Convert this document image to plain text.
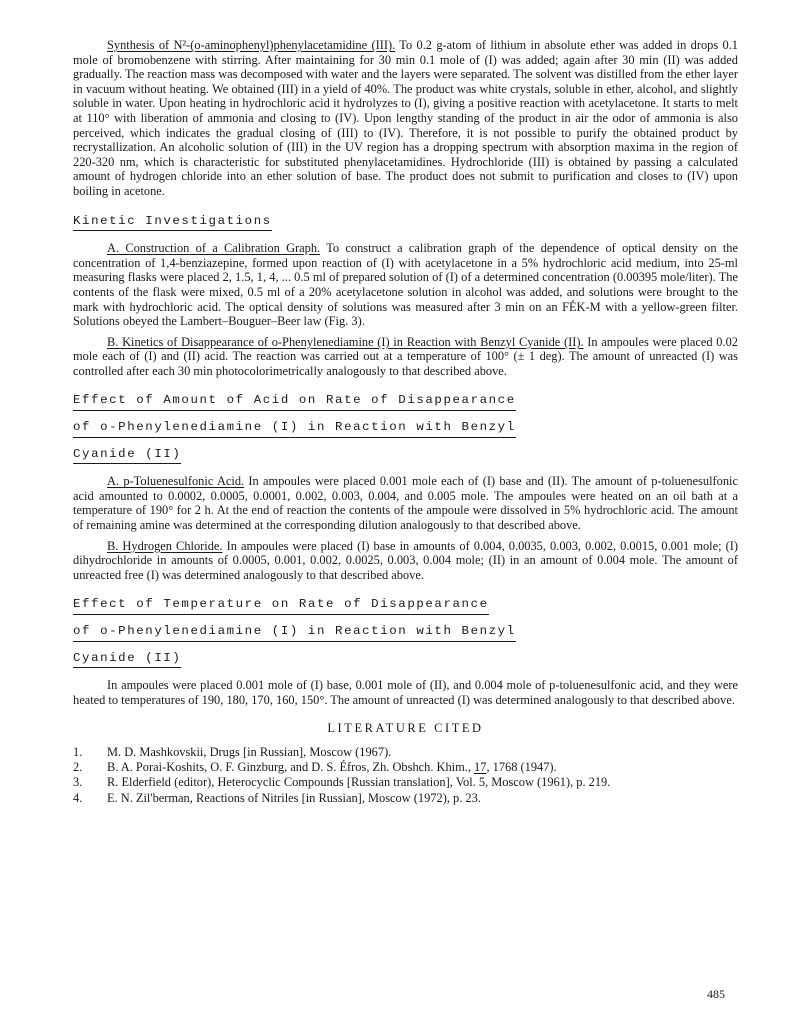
Synthesis of N²-(o-aminophenyl)phenylacetamidine (III). To 0.2 g-atom of lithium in absolute ether was added in drops 0.1 mole of bromobenzene with stirring. After maintaining for 30 min 0.1 mole of (I) was added; again after 30 min (II) was added gradually. The reaction mass was decomposed with water and the layers were separated. The solvent was distilled from the ether layer in vacuum without heating. We obtained (III) in a yield of 40%. The product was white crystals, soluble in ether, alcohol, and slightly soluble in water. Upon heating in hydrochloric acid it hydrolyzes to (I), giving a positive reaction with acetylacetone. It starts to melt at 110° with liberation of ammonia and closing to (IV). Upon lengthy standing of the product in air the odor of ammonia is also perceived, which indicates the gradual closing of (III) to (IV). Therefore, it is not possible to purify the obtained product by recrystallization. An alcoholic solution of (III) in the UV region has a dropping spectrum with absorption maxima in the region of 220-320 nm, which is characteristic for substituted phenylacetamidines. Hydrochloride (III) is obtained by passing a calculated amount of hydrogen chloride into an ether solution of base. The product does not submit to purification and closes to (IV) upon boiling in acetone.

Kinetic Investigations

A. Construction of a Calibration Graph. To construct a calibration graph of the dependence of optical density on the concentration of 1,4-benziazepine, formed upon reaction of (I) with acetylacetone in a 5% hydrochloric acid medium, into 25-ml measuring flasks were placed 2, 1.5, 1, 4, ... 0.5 ml of prepared solution of (I) of a determined concentration (0.00395 mole/liter). The contents of the flask were mixed, 0.5 ml of a 20% acetylacetone solution in alcohol was added, and solutions were brought to the mark with hydrochloric acid. The optical density of solutions was measured after 3 min on an FÉK-M with a yellow-green filter. Solutions obeyed the Lambert–Bouguer–Beer law (Fig. 3).

B. Kinetics of Disappearance of o-Phenylenediamine (I) in Reaction with Benzyl Cyanide (II). In ampoules were placed 0.02 mole each of (I) and (II) acid. The reaction was carried out at a temperature of 100° (± 1 deg). The amount of unreacted (I) was controlled after each 30 min photocolorimetrically analogously to that described above.

Effect of Amount of Acid on Rate of Disappearance
of o-Phenylenediamine (I) in Reaction with Benzyl
Cyanide (II)

A. p-Toluenesulfonic Acid. In ampoules were placed 0.001 mole each of (I) base and (II). The amount of p-toluenesulfonic acid amounted to 0.0002, 0.0005, 0.0001, 0.002, 0.003, 0.004, and 0.005 mole. The ampoules were heated on an oil bath at a temperature of 190° for 2 h. At the end of reaction the contents of the ampoule were dissolved in 5% hydrochloric acid. The amount of remaining amine was determined at the corresponding dilution analogously to that described above.

B. Hydrogen Chloride. In ampoules were placed (I) base in amounts of 0.004, 0.0035, 0.003, 0.002, 0.0015, 0.001 mole; (I) dihydrochloride in amounts of 0.0005, 0.001, 0.002, 0.0025, 0.003, 0.004 mole; (II) in an amount of 0.004 mole. The amount of unreacted free (I) was determined analogously to that described above.

Effect of Temperature on Rate of Disappearance
of o-Phenylenediamine (I) in Reaction with Benzyl
Cyanide (II)

In ampoules were placed 0.001 mole of (I) base, 0.001 mole of (II), and 0.004 mole of p-toluenesulfonic acid, and they were heated to temperatures of 190, 180, 170, 160, 150°. The amount of unreacted (I) was determined analogously to that described above.

LITERATURE CITED
1.	M. D. Mashkovskii, Drugs [in Russian], Moscow (1967).
2.	B. A. Porai-Koshits, O. F. Ginzburg, and D. S. Éfros, Zh. Obshch. Khim., 17, 1768 (1947).
3.	R. Elderfield (editor), Heterocyclic Compounds [Russian translation], Vol. 5, Moscow (1961), p. 219.
4.	E. N. Zil'berman, Reactions of Nitriles [in Russian], Moscow (1972), p. 23.
485
